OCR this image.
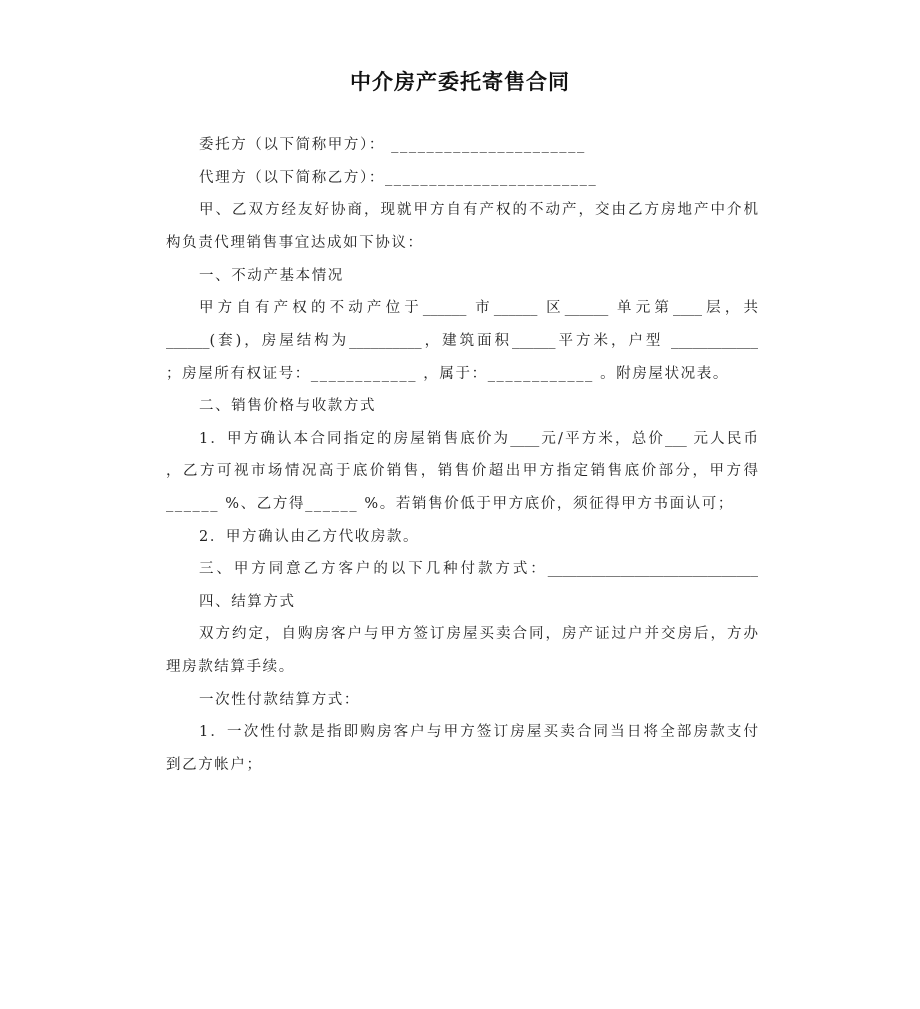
中介房产委托寄售合同
委托方（以下简称甲方）： ______________________
代理方（以下简称乙方）：________________________
甲、乙双方经友好协商，现就甲方自有产权的不动产，交由乙方房地产中介机
构负责代理销售事宜达成如下协议：
一、不动产基本情况
甲方自有产权的不动产位于______ 市______ 区______ 单元第____层，共
______(套)，房屋结构为__________，建筑面积______平方米，户型 ____________
；房屋所有权证号：____________ ，属于：____________ 。附房屋状况表。
二、销售价格与收款方式
1．甲方确认本合同指定的房屋销售底价为____元/平方米，总价___ 元人民币
，乙方可视市场情况高于底价销售，销售价超出甲方指定销售底价部分，甲方得
______ %、乙方得______ %。若销售价低于甲方底价，须征得甲方书面认可；
2．甲方确认由乙方代收房款。
三、甲方同意乙方客户的以下几种付款方式：_____________________________
四、结算方式
双方约定，自购房客户与甲方签订房屋买卖合同，房产证过户并交房后，方办
理房款结算手续。
一次性付款结算方式：
1．一次性付款是指即购房客户与甲方签订房屋买卖合同当日将全部房款支付
到乙方帐户；
